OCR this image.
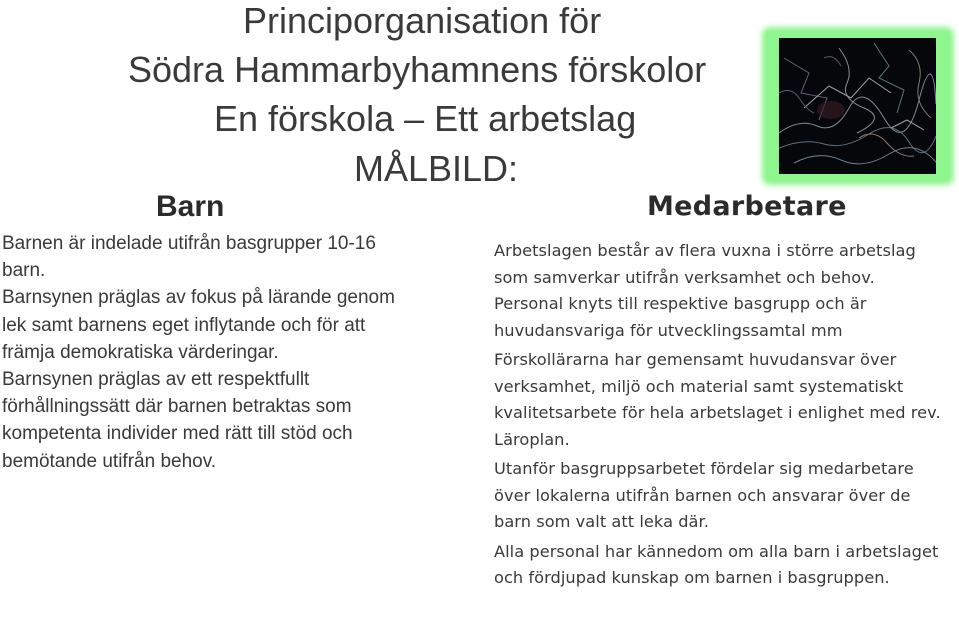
Principorganisation för
Södra Hammarbyhamnens förskolor
En förskola – Ett arbetslag
MÅLBILD:
Barn	Medarbetare

Barnen är indelade utifrån basgrupper 10-16 barn.

Barnsynen präglas av fokus på lärande genom lek samt barnens eget inflytande och för att främja demokratiska värderingar.

Barnsynen präglas av ett respektfullt förhållningssätt där barnen betraktas som kompetenta individer med rätt till stöd och bemötande utifrån behov.

Arbetslagen består av flera vuxna i större arbetslag som samverkar utifrån verksamhet och behov. Personal knyts till respektive basgrupp och är huvudansvariga för utvecklingssamtal mm

Förskollärarna har gemensamt huvudansvar över verksamhet, miljö och material samt systematiskt kvalitetsarbete för hela arbetslaget i enlighet med rev. Läroplan.

Utanför basgruppsarbetet fördelar sig medarbetare över lokalerna utifrån barnen och ansvarar över de barn som valt att leka där.

Alla personal har kännedom om alla barn i arbetslaget och fördjupad kunskap om barnen i basgruppen.
